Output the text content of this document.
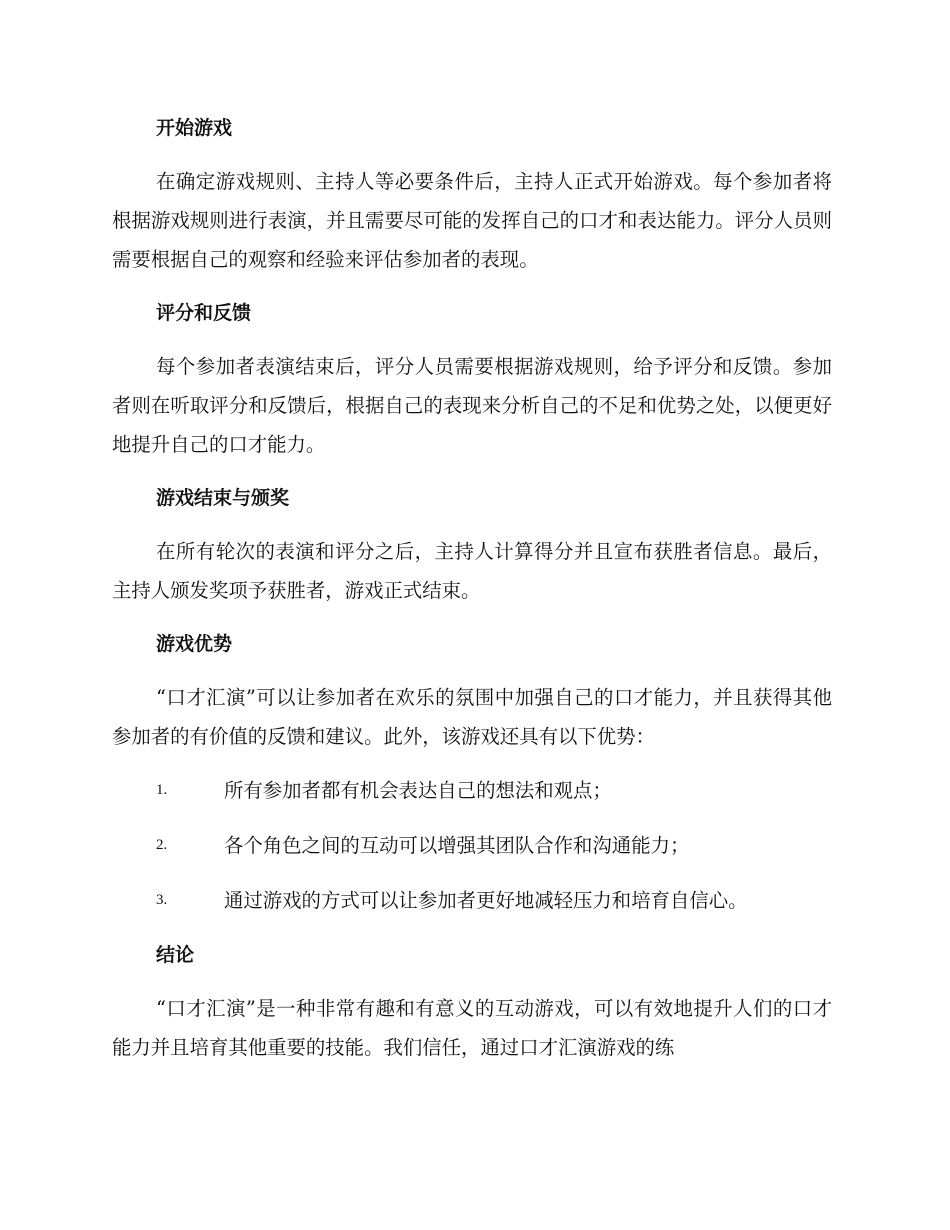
开始游戏

在确定游戏规则、主持人等必要条件后，主持人正式开始游戏。每个参加者将根据游戏规则进行表演，并且需要尽可能的发挥自己的口才和表达能力。评分人员则需要根据自己的观察和经验来评估参加者的表现。

评分和反馈

每个参加者表演结束后，评分人员需要根据游戏规则，给予评分和反馈。参加者则在听取评分和反馈后，根据自己的表现来分析自己的不足和优势之处，以便更好地提升自己的口才能力。

游戏结束与颁奖

在所有轮次的表演和评分之后，主持人计算得分并且宣布获胜者信息。最后，主持人颁发奖项予获胜者，游戏正式结束。

游戏优势

“口才汇演”可以让参加者在欢乐的氛围中加强自己的口才能力，并且获得其他参加者的有价值的反馈和建议。此外，该游戏还具有以下优势：

1.	所有参加者都有机会表达自己的想法和观点；
2.	各个角色之间的互动可以增强其团队合作和沟通能力；
3.	通过游戏的方式可以让参加者更好地减轻压力和培育自信心。
结论

“口才汇演”是一种非常有趣和有意义的互动游戏，可以有效地提升人们的口才能力并且培育其他重要的技能。我们信任，通过口才汇演游戏的练
